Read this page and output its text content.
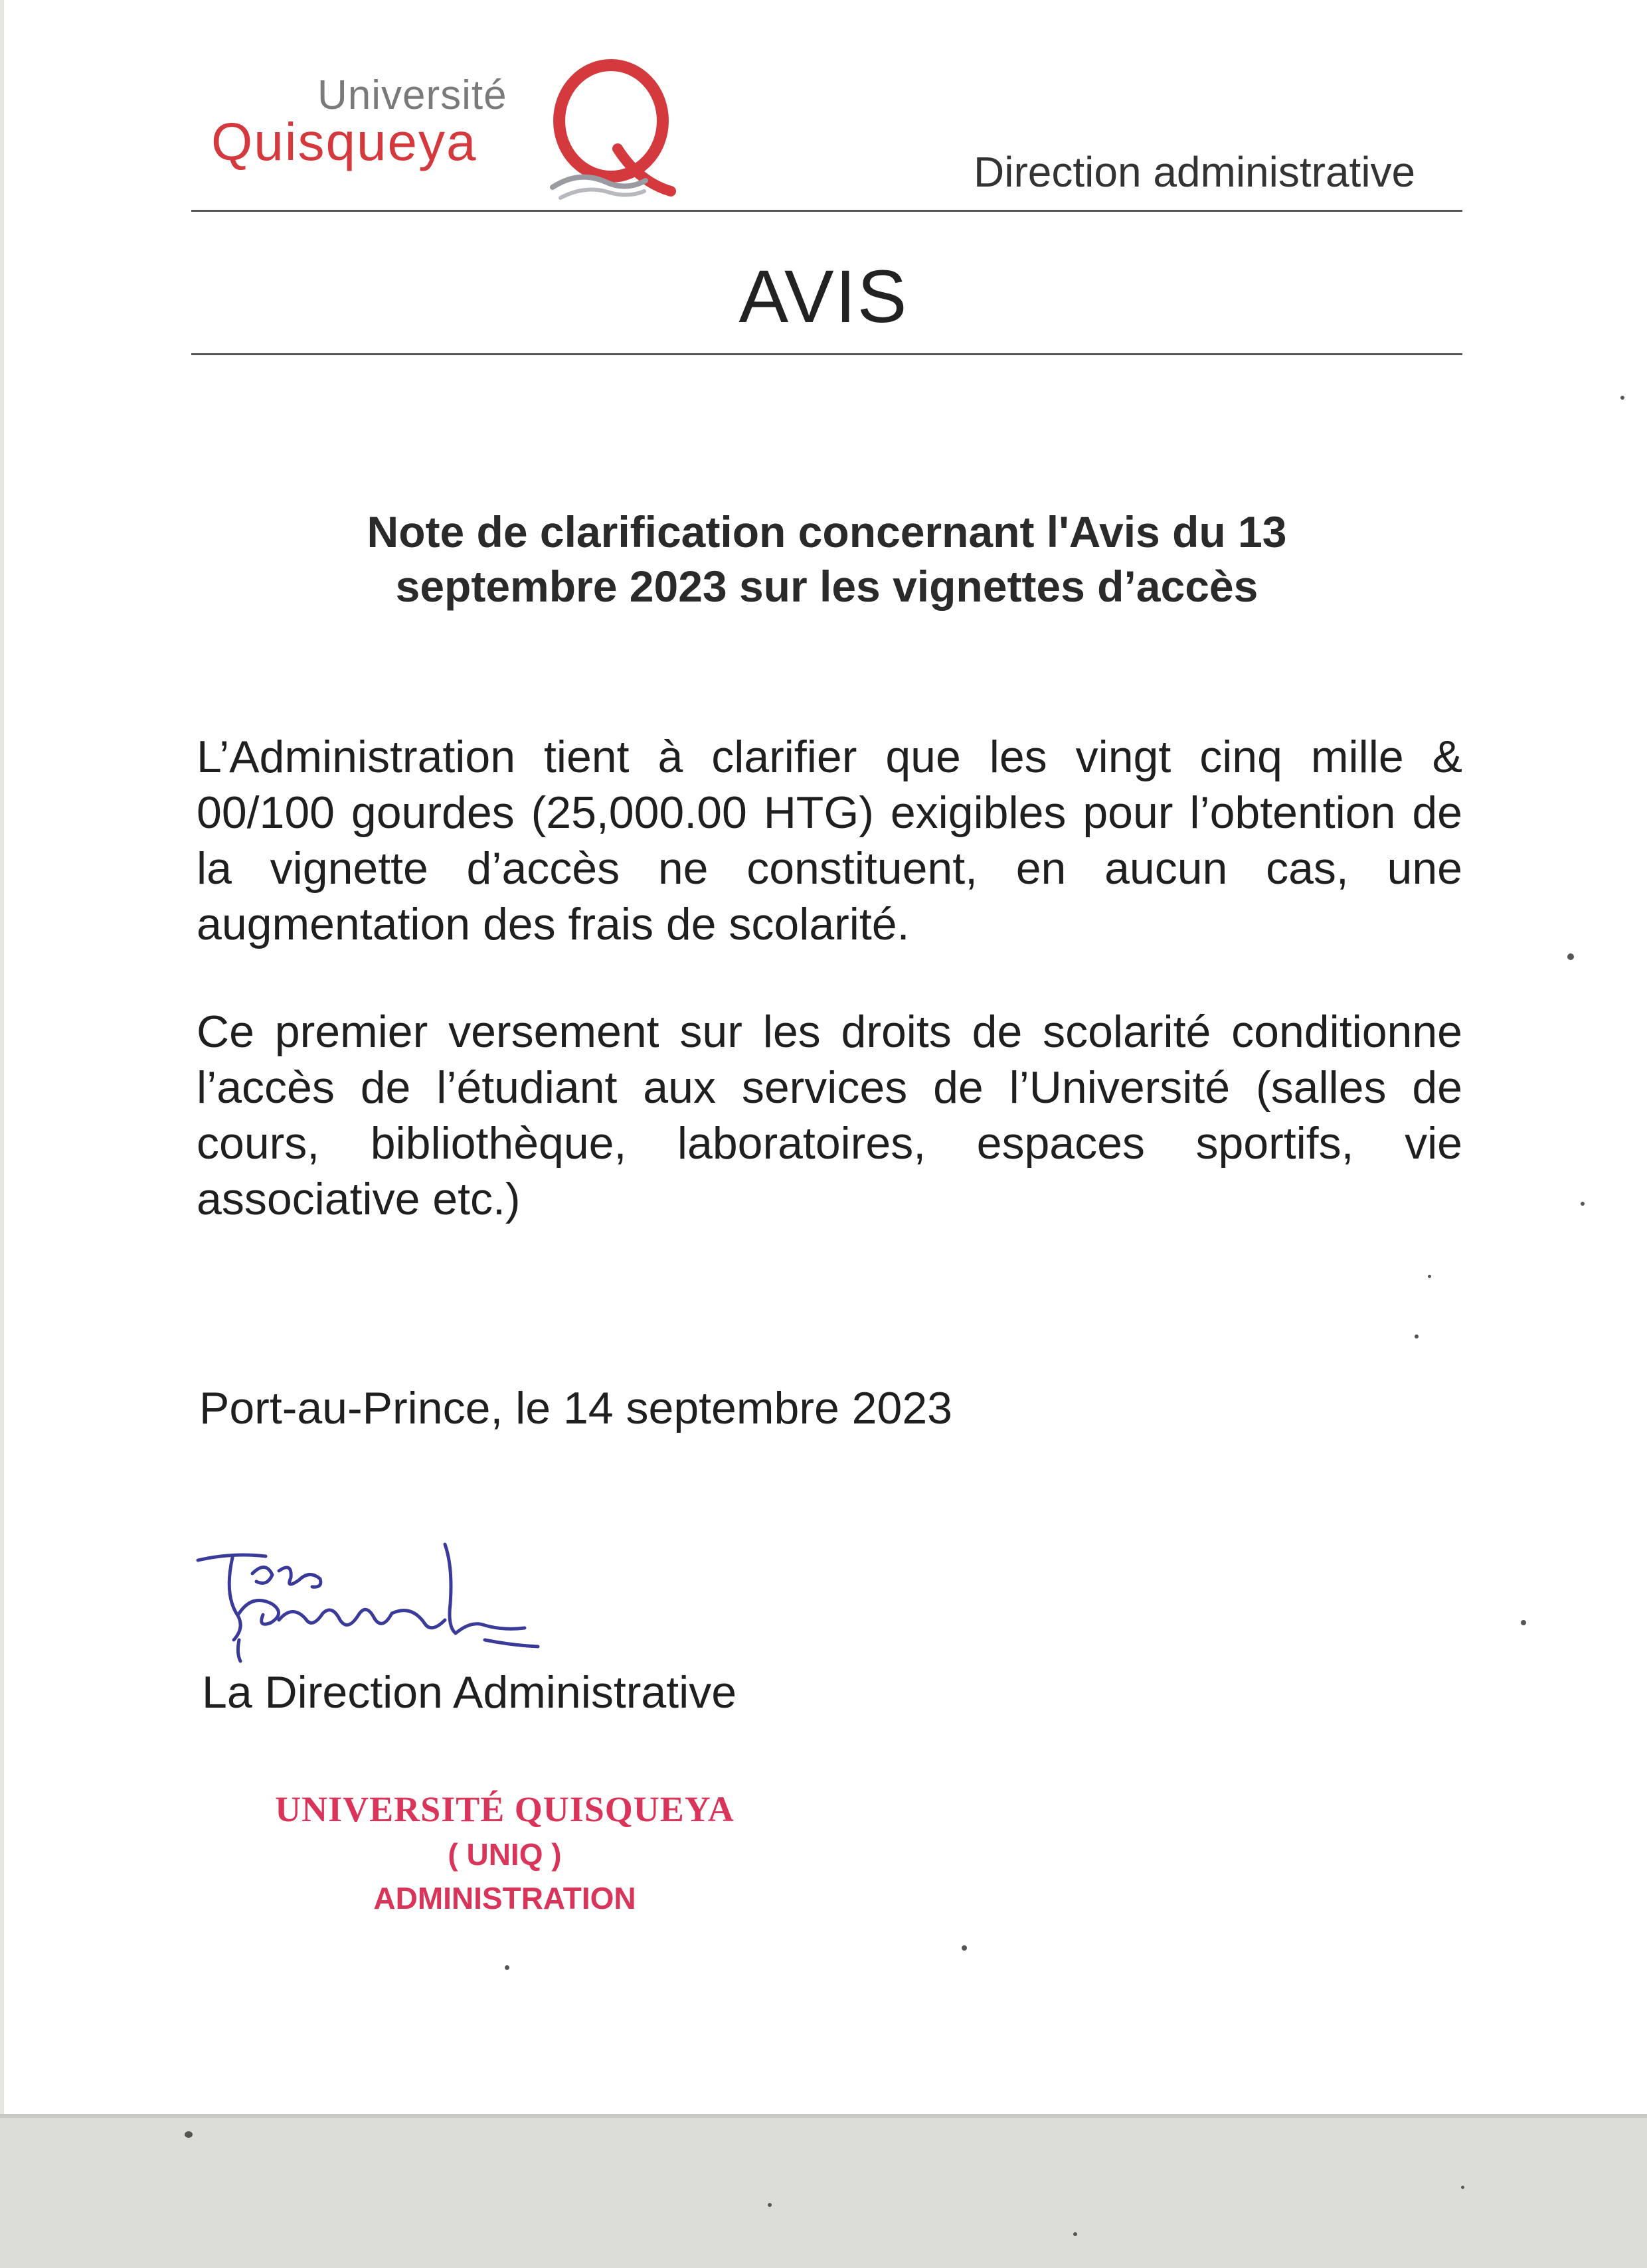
Université
Quisqueya
Direction administrative
AVIS
Note de clarification concernant l'Avis du 13
septembre 2023 sur les vignettes d’accès
L’Administration tient à clarifier que les vingt cinq mille & 00/100 gourdes (25,000.00 HTG) exigibles pour l’obtention de la vignette d’accès ne constituent, en aucun cas, une augmentation des frais de scolarité.
Ce premier versement sur les droits de scolarité conditionne l’accès de l’étudiant aux services de l’Université (salles de cours, bibliothèque, laboratoires, espaces sportifs, vie associative etc.)
Port-au-Prince, le 14 septembre 2023
La Direction Administrative
UNIVERSITÉ QUISQUEYA
( UNIQ )
ADMINISTRATION
